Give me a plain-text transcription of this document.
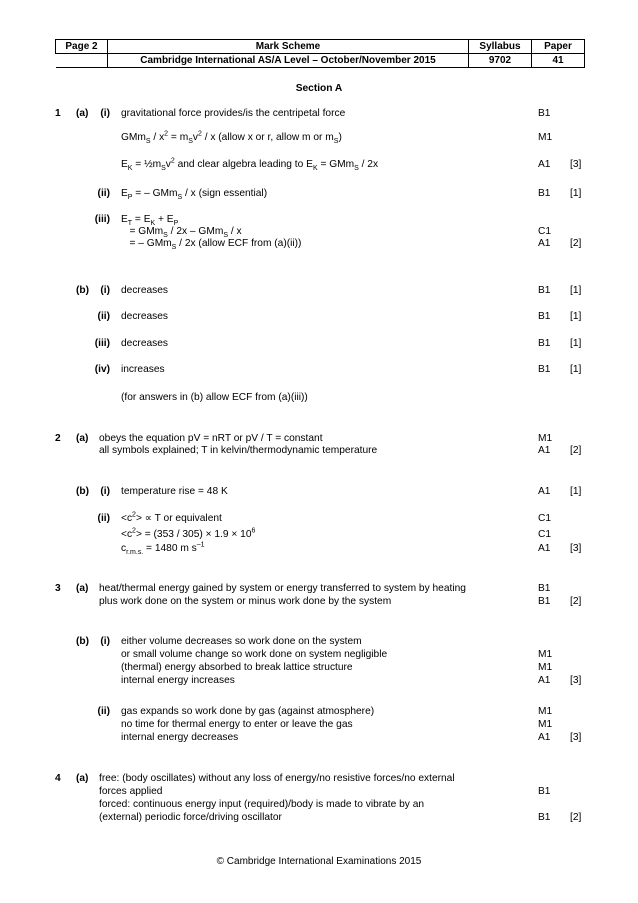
Page 2	Mark Scheme	Syllabus	Paper
	Cambridge International AS/A Level – October/November 2015	9702	41
Section A
1 (a)	(i) gravitational force provides/is the centripetal force	B1
$GMm_S / x^2 = m_Sv^2 / x$ (allow x or r, allow m or $m_S$)	M1
$E_K$ = $\frac{1}{2}m_Sv^2$ and clear algebra leading to $E_K = GMm_S / 2x$	A1 [3]
(ii) $E_P$ = – GMm$_S$ / x (sign essential)	B1 [1]
(iii) $E_T = E_K + E_P$
= GMm$_S$ / 2x – GMm$_S$ / x	C1
= – GMm$_S$ / 2x (allow ECF from (a)(ii))	A1 [2]
(b)	(i) decreases	B1 [1]
(ii) decreases	B1 [1]
(iii) decreases	B1 [1]
(iv) increases	B1 [1]
(for answers in (b) allow ECF from (a)(iii))
2 (a) obeys the equation pV = nRT or pV / T = constant	M1
all symbols explained; T in kelvin/thermodynamic temperature	A1 [2]
(b)	(i) temperature rise = 48 K	A1 [1]
$(ii) <c^2> \propto T$ or equivalent	C1
$<c^2> = (353 / 305) \times 1.9 \times 10^6$	C1
$c_{r.m.s.} = 1480$ m $s^{-1}$	A1 [3]
3 (a) heat/thermal energy gained by system or energy transferred to system by heating	B1
plus work done on the system or minus work done by the system	B1 [2]
(b)	(i) either volume decreases so work done on the system
or small volume change so work done on system negligible	M1
(thermal) energy absorbed to break lattice structure	M1
internal energy increases	A1 [3]
(ii) gas expands so work done by gas (against atmosphere)	M1
no time for thermal energy to enter or leave the gas	M1
internal energy decreases	A1 [3]
4 (a) free: (body oscillates) without any loss of energy/no resistive forces/no external
forces applied	B1
forced: continuous energy input (required)/body is made to vibrate by an
(external) periodic force/driving oscillator	B1 [2]
© Cambridge International Examinations 2015
